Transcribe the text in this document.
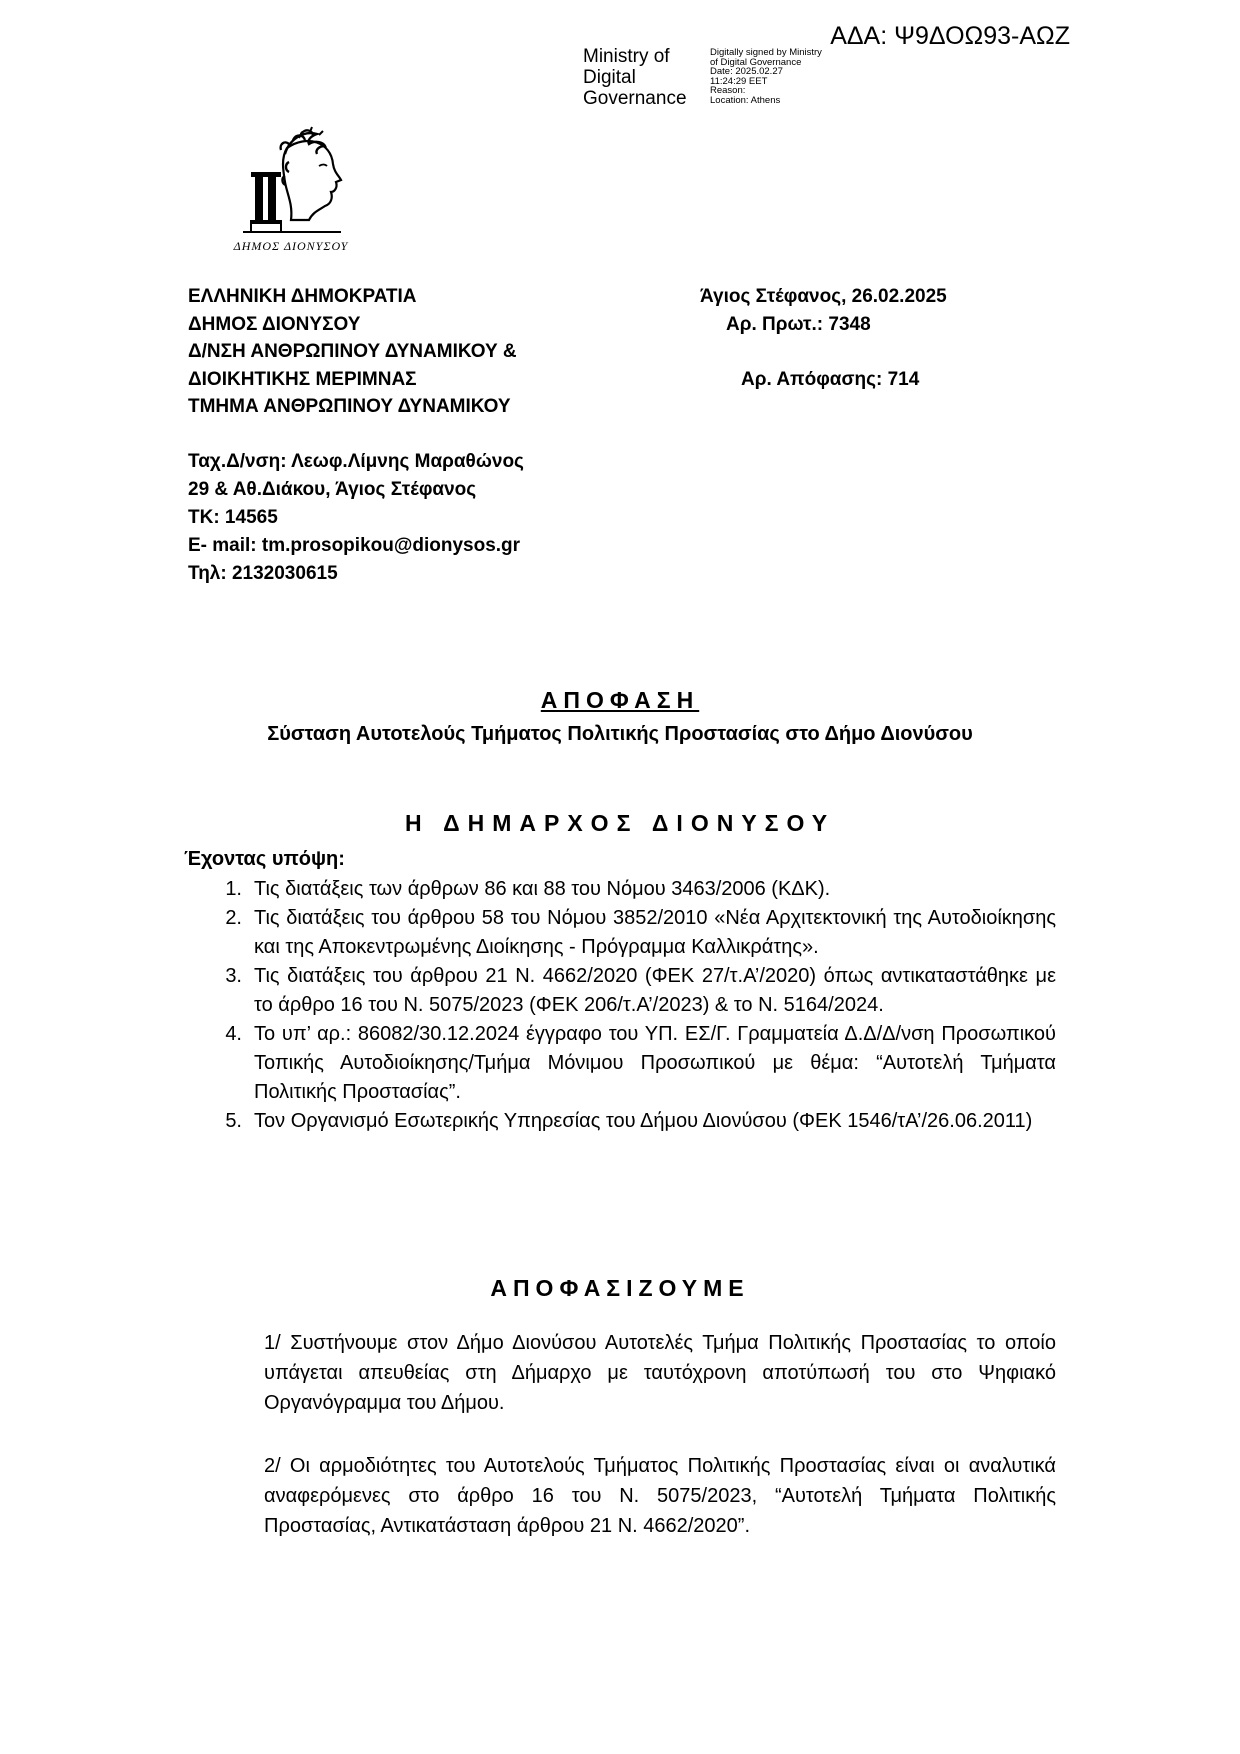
ΑΔΑ: Ψ9ΔΟΩ93-ΑΩΖ
Ministry of
Digital
Governance
Digitally signed by Ministry
of Digital Governance
Date: 2025.02.27
11:24:29 EET
Reason:
Location: Athens
ΔΗΜΟΣ ΔΙΟΝΥΣΟΥ
ΕΛΛΗΝΙΚΗ ΔΗΜΟΚΡΑΤΙΑ
ΔΗΜΟΣ ΔΙΟΝΥΣΟΥ
Δ/ΝΣΗ ΑΝΘΡΩΠΙΝΟΥ ΔΥΝΑΜΙΚΟΥ &
ΔΙΟΙΚΗΤΙΚΗΣ ΜΕΡΙΜΝΑΣ
ΤΜΗΜΑ ΑΝΘΡΩΠΙΝΟΥ ΔΥΝΑΜΙΚΟΥ
Άγιος Στέφανος, 26.02.2025
Αρ. Πρωτ.: 7348
Αρ. Απόφασης: 714
Ταχ.Δ/νση: Λεωφ.Λίμνης Μαραθώνος
29 & Αθ.Διάκου, Άγιος Στέφανος
ΤΚ: 14565
E- mail: tm.prosopikou@dionysos.gr
Τηλ: 2132030615
ΑΠΟΦΑΣΗ
Σύσταση Αυτοτελούς Τμήματος Πολιτικής Προστασίας στο Δήμο Διονύσου
Η ΔΗΜΑΡΧΟΣ ΔΙΟΝΥΣΟΥ
Έχοντας υπόψη:
1. Τις διατάξεις των άρθρων 86 και 88 του Νόμου 3463/2006 (ΚΔΚ).
2. Τις διατάξεις του άρθρου 58 του Νόμου 3852/2010 «Νέα Αρχιτεκτονική της Αυτοδιοίκησης και της Αποκεντρωμένης Διοίκησης - Πρόγραμμα Καλλικράτης».
3. Τις διατάξεις του άρθρου 21 Ν. 4662/2020 (ΦΕΚ 27/τ.Α’/2020) όπως αντικαταστάθηκε με το άρθρο 16 του Ν. 5075/2023 (ΦΕΚ 206/τ.Α’/2023) & το Ν. 5164/2024.
4. Το υπ’ αρ.: 86082/30.12.2024 έγγραφο του ΥΠ. ΕΣ/Γ. Γραμματεία Δ.Δ/Δ/νση Προσωπικού Τοπικής Αυτοδιοίκησης/Τμήμα Μόνιμου Προσωπικού με θέμα: “Αυτοτελή Τμήματα Πολιτικής Προστασίας”.
5. Τον Οργανισμό Εσωτερικής Υπηρεσίας του Δήμου Διονύσου (ΦΕΚ 1546/τΑ’/26.06.2011)
ΑΠΟΦΑΣΙΖΟΥΜΕ
1/ Συστήνουμε στον Δήμο Διονύσου Αυτοτελές Τμήμα Πολιτικής Προστασίας το οποίο υπάγεται απευθείας στη Δήμαρχο με ταυτόχρονη αποτύπωσή του στο Ψηφιακό Οργανόγραμμα του Δήμου.
2/ Οι αρμοδιότητες του Αυτοτελούς Τμήματος Πολιτικής Προστασίας είναι οι αναλυτικά αναφερόμενες στο άρθρο 16 του Ν. 5075/2023, “Αυτοτελή Τμήματα Πολιτικής Προστασίας, Αντικατάσταση άρθρου 21 Ν. 4662/2020”.
